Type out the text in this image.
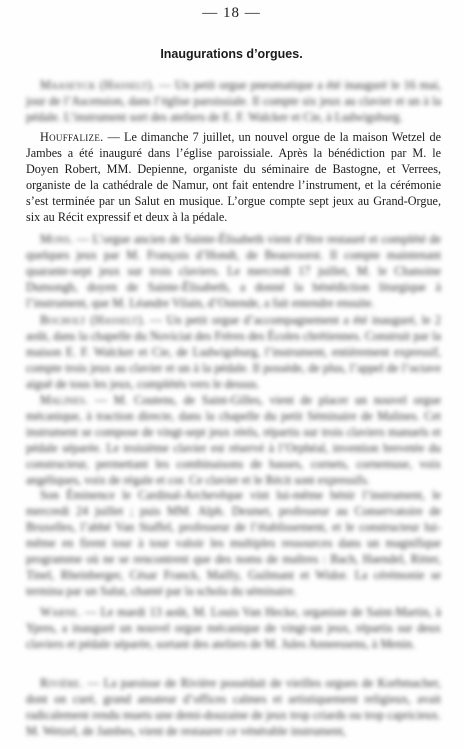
— 18 —
Inaugurations d’orgues.

Maaseyck (Hasselt). — Un petit orgue pneumatique a été inauguré le 16 mai, jour de l’Ascension, dans l’église paroissiale. Il compte six jeux au clavier et un à la pédale. L’instrument sort des ateliers de E. F. Walcker et Cie, à Ludwigsburg.

Houffalize. — Le dimanche 7 juillet, un nouvel orgue de la maison Wetzel de Jambes a été inauguré dans l’église paroissiale. Après la bénédiction par M. le Doyen Robert, MM. Depienne, organiste du séminaire de Bastogne, et Verrees, organiste de la cathédrale de Namur, ont fait entendre l’instrument, et la cérémonie s’est terminée par un Salut en musique. L’orgue compte sept jeux au Grand-Orgue, six au Récit expressif et deux à la pédale.

Mons. — L’orgue ancien de Sainte-Élisabeth vient d’être restauré et complété de quelques jeux par M. François d’Hondt, de Beauvoorst. Il compte maintenant quarante-sept jeux sur trois claviers. Le mercredi 17 juillet, M. le Chanoine Dumongh, doyen de Sainte-Élisabeth, a donné la bénédiction liturgique à l’instrument, que M. Léandre Vilain, d’Ostende, a fait entendre ensuite.

Bocholt (Hasselt). — Un petit orgue d’accompagnement a été inauguré, le 2 août, dans la chapelle du Noviciat des Frères des Écoles chrétiennes. Construit par la maison E. F. Walcker et Cie, de Ludwigsburg, l’instrument, entièrement expressif, compte trois jeux au clavier et un à la pédale. Il possède, de plus, l’appel de l’octave aiguë de tous les jeux, complétés vers le dessus.

Malines. — M. Coutens, de Saint-Gilles, vient de placer un nouvel orgue mécanique, à traction directe, dans la chapelle du petit Séminaire de Malines. Cet instrument se compose de vingt-sept jeux réels, répartis sur trois claviers manuels et pédale séparée. Le troisième clavier est réservé à l’Orphéal, invention brevetée du constructeur, permettant les combinaisons de basses, cornets, cornemuse, voix angéliques, voix de régale et cor. Ce clavier et le Récit sont expressifs.

Son Éminence le Cardinal-Archevêque vint lui-même bénir l’instrument, le mercredi 24 juillet ; puis MM. Alph. Desmet, professeur au Conservatoire de Bruxelles, l’abbé Van Staffel, professeur de l’établissement, et le constructeur lui-même en firent tour à tour valoir les multiples ressources dans un magnifique programme où ne se rencontrent que des noms de maîtres : Bach, Haendel, Ritter, Tinel, Rheinberger, César Franck, Mailly, Guilmant et Widor. La cérémonie se termina par un Salut, chanté par la schola du séminaire.

Warne. — Le mardi 13 août, M. Louis Van Hecke, organiste de Saint-Martin, à Ypres, a inauguré un nouvel orgue mécanique de vingt-un jeux, répartis sur deux claviers et pédale séparée, sortant des ateliers de M. Jules Anneessens, à Menin.

Rivière. — La paroisse de Rivière possédait de vieilles orgues de Korbmacher, dont on curé, grand amateur d’offices calmes et artistiquement religieux, avait radicalement rendu muets une demi-douzaine de jeux trop criards ou trop capricieux. M. Wetzel, de Jambes, vient de restaurer ce vénérable instrument,
